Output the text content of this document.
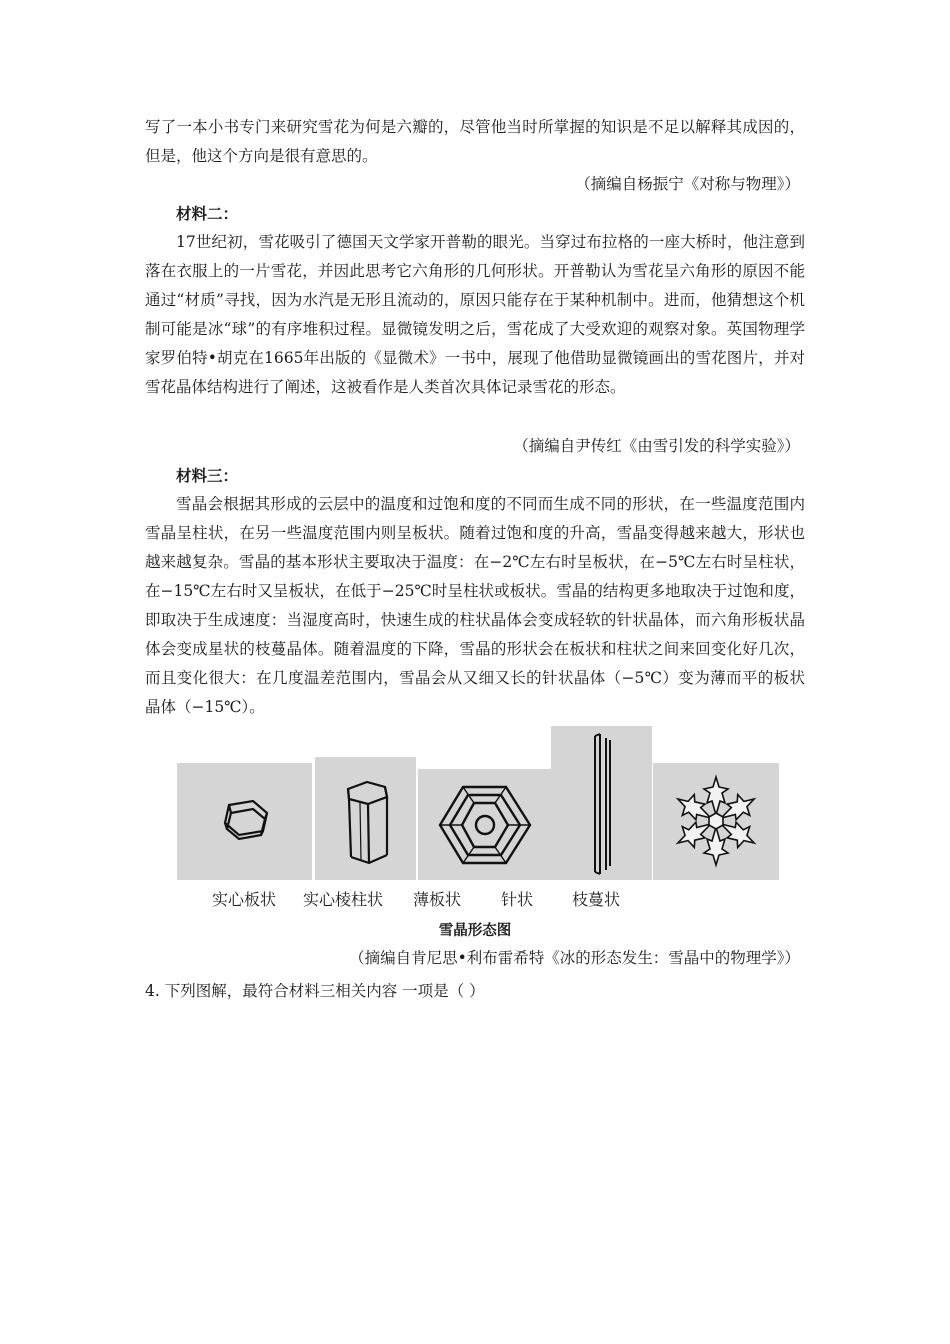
写了一本小书专门来研究雪花为何是六瓣的，尽管他当时所掌握的知识是不足以解释其成因的，但是，他这个方向是很有意思的。

（摘编自杨振宁《对称与物理》）
材料二：

17世纪初，雪花吸引了德国天文学家开普勒的眼光。当穿过布拉格的一座大桥时，他注意到落在衣服上的一片雪花，并因此思考它六角形的几何形状。开普勒认为雪花呈六角形的原因不能通过“材质”寻找，因为水汽是无形且流动的，原因只能存在于某种机制中。进而，他猜想这个机制可能是冰“球”的有序堆积过程。显微镜发明之后，雪花成了大受欢迎的观察对象。英国物理学家罗伯特•胡克在1665年出版的《显微术》一书中，展现了他借助显微镜画出的雪花图片，并对雪花晶体结构进行了阐述，这被看作是人类首次具体记录雪花的形态。

（摘编自尹传红《由雪引发的科学实验》）
材料三：

雪晶会根据其形成的云层中的温度和过饱和度的不同而生成不同的形状，在一些温度范围内雪晶呈柱状，在另一些温度范围内则呈板状。随着过饱和度的升高，雪晶变得越来越大，形状也越来越复杂。雪晶的基本形状主要取决于温度：在−2℃左右时呈板状，在−5℃左右时呈柱状，在−15℃左右时又呈板状，在低于−25℃时呈柱状或板状。雪晶的结构更多地取决于过饱和度，即取决于生成速度：当湿度高时，快速生成的柱状晶体会变成轻软的针状晶体，而六角形板状晶体会变成星状的枝蔓晶体。随着温度的下降，雪晶的形状会在板状和柱状之间来回变化好几次，而且变化很大：在几度温差范围内，雪晶会从又细又长的针状晶体（−5℃）变为薄而平的板状晶体（−15℃）。

实心板状 实心棱柱状 薄板状 针状 枝蔓状
雪晶形态图
（摘编自肯尼思•利布雷希特《冰的形态发生：雪晶中的物理学》）
4. 下列图解，最符合材料三相关内容 一项是（ ）
